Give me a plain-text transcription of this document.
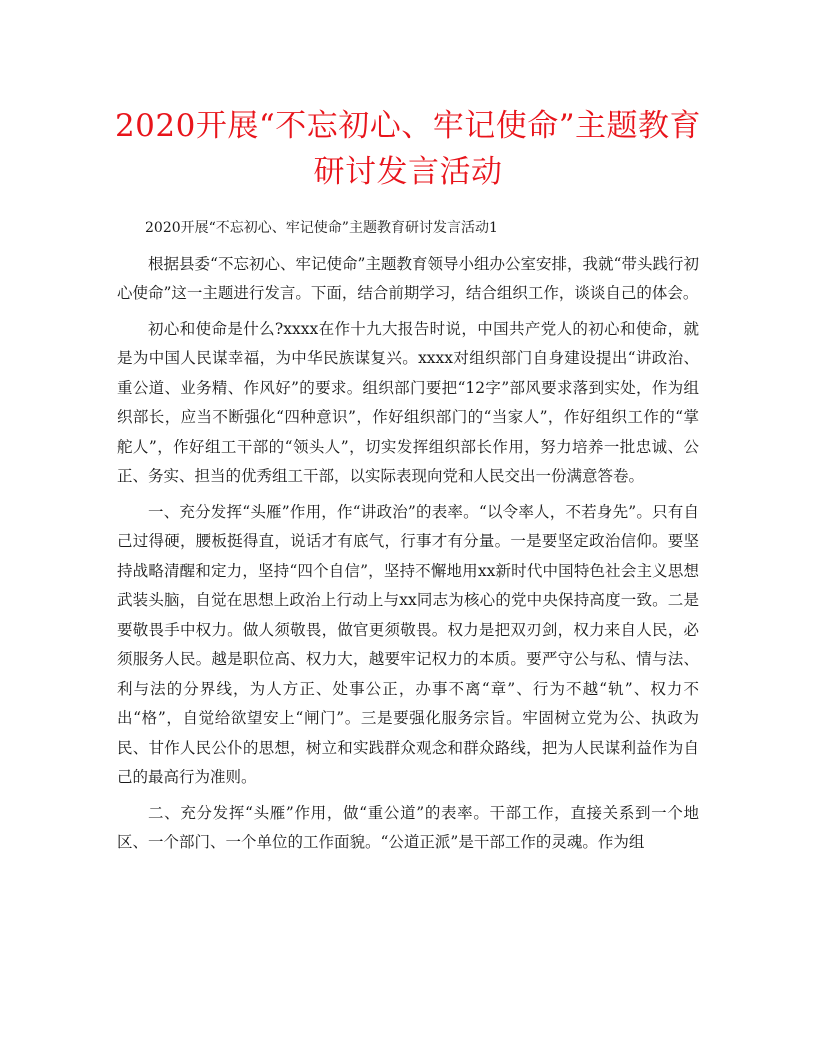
2020开展“不忘初心、牢记使命”主题教育研讨发言活动

2020开展“不忘初心、牢记使命”主题教育研讨发言活动1

根据县委“不忘初心、牢记使命”主题教育领导小组办公室安排，我就“带头践行初心使命”这一主题进行发言。下面，结合前期学习，结合组织工作，谈谈自己的体会。

初心和使命是什么?xxxx在作十九大报告时说，中国共产党人的初心和使命，就是为中国人民谋幸福，为中华民族谋复兴。xxxx对组织部门自身建设提出“讲政治、重公道、业务精、作风好”的要求。组织部门要把“12字”部风要求落到实处，作为组织部长，应当不断强化“四种意识”，作好组织部门的“当家人”，作好组织工作的“掌舵人”，作好组工干部的“领头人”，切实发挥组织部长作用，努力培养一批忠诚、公正、务实、担当的优秀组工干部，以实际表现向党和人民交出一份满意答卷。

一、充分发挥“头雁”作用，作“讲政治”的表率。“以令率人，不若身先”。只有自己过得硬，腰板挺得直，说话才有底气，行事才有分量。一是要坚定政治信仰。要坚持战略清醒和定力，坚持“四个自信”，坚持不懈地用xx新时代中国特色社会主义思想武装头脑，自觉在思想上政治上行动上与xx同志为核心的党中央保持高度一致。二是要敬畏手中权力。做人须敬畏，做官更须敬畏。权力是把双刃剑，权力来自人民，必须服务人民。越是职位高、权力大，越要牢记权力的本质。要严守公与私、情与法、利与法的分界线，为人方正、处事公正，办事不离“章”、行为不越“轨”、权力不出“格”，自觉给欲望安上“闸门”。三是要强化服务宗旨。牢固树立党为公、执政为民、甘作人民公仆的思想，树立和实践群众观念和群众路线，把为人民谋利益作为自己的最高行为准则。

二、充分发挥“头雁”作用，做“重公道”的表率。干部工作，直接关系到一个地区、一个部门、一个单位的工作面貌。“公道正派”是干部工作的灵魂。作为组
